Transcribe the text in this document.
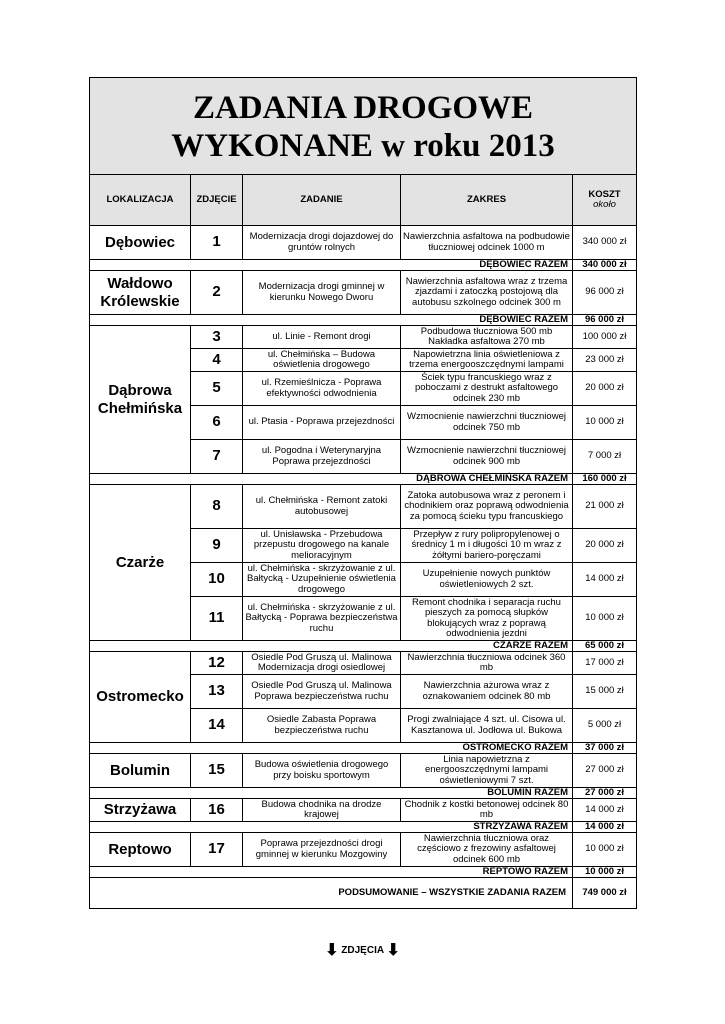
ZADANIA DROGOWE
WYKONANE w roku 2013				
LOKALIZACJA	ZDJĘCIE	ZADANIE	ZAKRES	KOSZT
około

Dębowiec	1	Modernizacja drogi dojazdowej do gruntów rolnych	Nawierzchnia asfaltowa na podbudowie tłuczniowej odcinek 1000 m	340 000 zł
DĘBOWIEC RAZEM				340 000 zł
Wałdowo Królewskie	2	Modernizacja drogi gminnej w kierunku Nowego Dworu	Nawierzchnia asfaltowa wraz z trzema zjazdami i zatoczką postojową dla autobusu szkolnego odcinek 300 m	96 000 zł
DĘBOWIEC RAZEM				96 000 zł
Dąbrowa Chełmińska	3	ul. Linie - Remont drogi	Podbudowa tłuczniowa 500 mb Nakładka asfaltowa 270 mb	100 000 zł
	4	ul. Chełmińska – Budowa oświetlenia drogowego	Napowietrzna linia oświetleniowa z trzema energooszczędnymi lampami	23 000 zł
	5	ul. Rzemieślnicza - Poprawa efektywności odwodnienia	Ściek typu francuskiego wraz z poboczami z destrukt asfaltowego odcinek 230 mb	20 000 zł
	6	ul. Ptasia - Poprawa przejezdności	Wzmocnienie nawierzchni tłuczniowej odcinek 750 mb	10 000 zł
	7	ul. Pogodna i Weterynaryjna Poprawa przejezdności	Wzmocnienie nawierzchni tłuczniowej odcinek 900 mb	7 000 zł
DĄBROWA CHEŁMIŃSKA RAZEM				160 000 zł
Czarże	8	ul. Chełmińska - Remont zatoki autobusowej	Zatoka autobusowa wraz z peronem i chodnikiem oraz poprawą odwodnienia za pomocą ścieku typu francuskiego	21 000 zł
	9	ul. Unisławska - Przebudowa przepustu drogowego na kanale melioracyjnym	Przepływ z rury polipropylenowej o średnicy 1 m i długości 10 m wraz z żółtymi bariero-poręczami	20 000 zł
	10	ul. Chełmińska - skrzyżowanie z ul. Bałtycką - Uzupełnienie oświetlenia drogowego	Uzupełnienie nowych punktów oświetleniowych 2 szt.	14 000 zł
	11	ul. Chełmińska - skrzyżowanie z ul. Bałtycką - Poprawa bezpieczeństwa ruchu	Remont chodnika i separacja ruchu pieszych za pomocą słupków blokujących wraz z poprawą odwodnienia jezdni	10 000 zł
CZARŻE RAZEM				65 000 zł
Ostromecko	12	Osiedle Pod Gruszą ul. Malinowa Modernizacja drogi osiedlowej	Nawierzchnia tłuczniowa odcinek 360 mb	17 000 zł
	13	Osiedle Pod Gruszą ul. Malinowa Poprawa bezpieczeństwa ruchu	Nawierzchnia ażurowa wraz z oznakowaniem odcinek 80 mb	15 000 zł
	14	Osiedle Zabasta Poprawa bezpieczeństwa ruchu	Progi zwalniające 4 szt. ul. Cisowa ul. Kasztanowa ul. Jodłowa ul. Bukowa	5 000 zł
OSTROMECKO RAZEM				37 000 zł
Bolumin	15	Budowa oświetlenia drogowego przy boisku sportowym	Linia napowietrzna z energooszczędnymi lampami oświetleniowymi 7 szt.	27 000 zł
BOLUMIN RAZEM				27 000 zł
Strzyżawa	16	Budowa chodnika na drodze krajowej	Chodnik z kostki betonowej odcinek 80 mb	14 000 zł
STRZYŻAWA RAZEM				14 000 zł
Reptowo	17	Poprawa przejezdności drogi gminnej w kierunku Mozgowiny	Nawierzchnia tłuczniowa oraz częściowo z frezowiny asfaltowej odcinek 600 mb	10 000 zł
REPTOWO RAZEM				10 000 zł
PODSUMOWANIE – WSZYSTKIE ZADANIA RAZEM				749 000 zł
⬇ ZDJĘCIA ⬇
